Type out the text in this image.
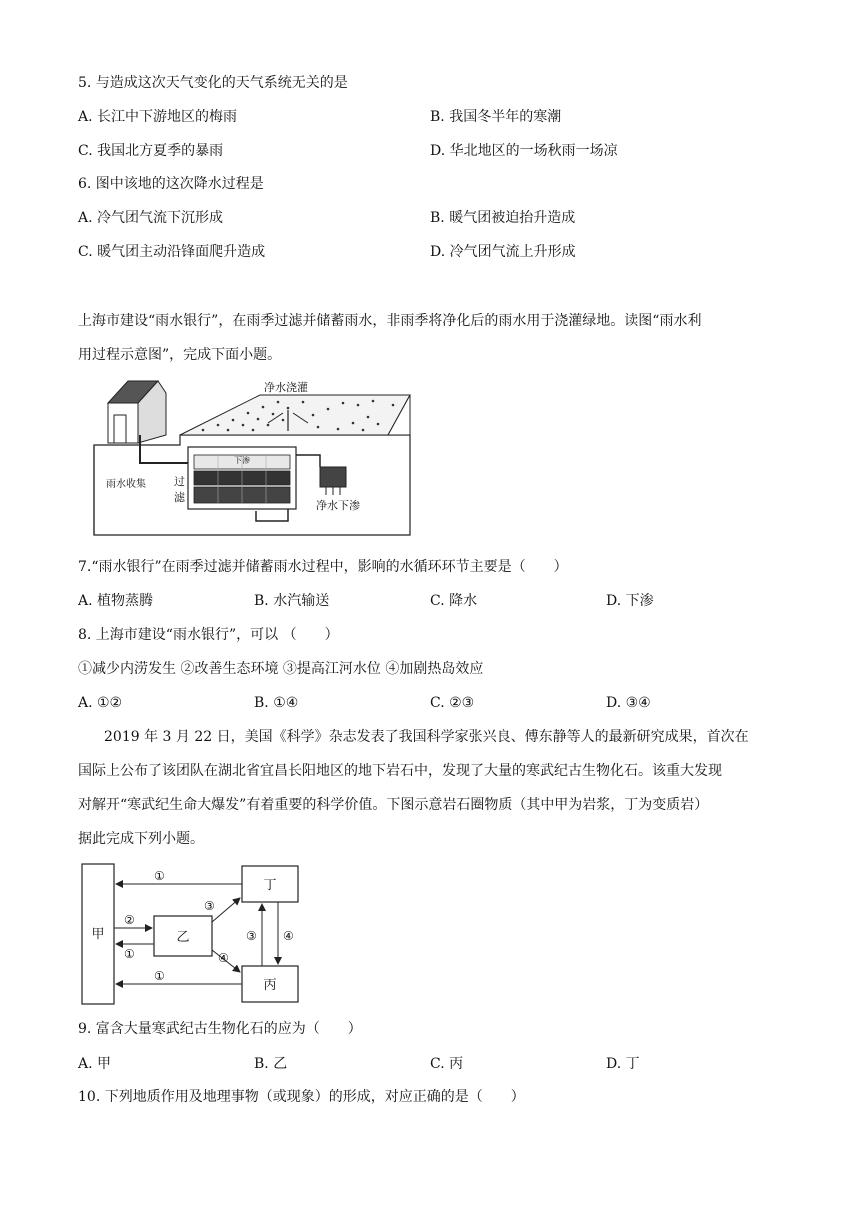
5. 与造成这次天气变化的天气系统无关的是
A. 长江中下游地区的梅雨	B. 我国冬半年的寒潮
C. 我国北方夏季的暴雨	D. 华北地区的一场秋雨一场凉
6. 图中该地的这次降水过程是
A. 冷气团气流下沉形成	B. 暖气团被迫抬升造成
C. 暖气团主动沿锋面爬升造成	D. 冷气团气流上升形成
上海市建设“雨水银行”，在雨季过滤并储蓄雨水，非雨季将净化后的雨水用于浇灌绿地。读图“雨水利
用过程示意图”，完成下面小题。
净水浇灌
雨水收集	过
滤
下渗
净水下渗
7.“雨水银行”在雨季过滤并储蓄雨水过程中，影响的水循环环节主要是（　　）
A. 植物蒸腾	B. 水汽输送	C. 降水	D. 下渗
8. 上海市建设“雨水银行”，可以 （　　）
①减少内涝发生 ②改善生态环境 ③提高江河水位 ④加剧热岛效应
A. ①②	B. ①④	C. ②③	D. ③④
2019 年 3 月 22 日，美国《科学》杂志发表了我国科学家张兴良、傅东静等人的最新研究成果，首次在
国际上公布了该团队在湖北省宜昌长阳地区的地下岩石中，发现了大量的寒武纪古生物化石。该重大发现
对解开“寒武纪生命大爆发”有着重要的科学价值。下图示意岩石圈物质（其中甲为岩浆，丁为变质岩）
据此完成下列小题。
甲	乙
丁
丙
①
②
①
①
③
④
③ ④
9. 富含大量寒武纪古生物化石的应为（　　）
A. 甲	B. 乙	C. 丙	D. 丁
10. 下列地质作用及地理事物（或现象）的形成，对应正确的是（　　）
